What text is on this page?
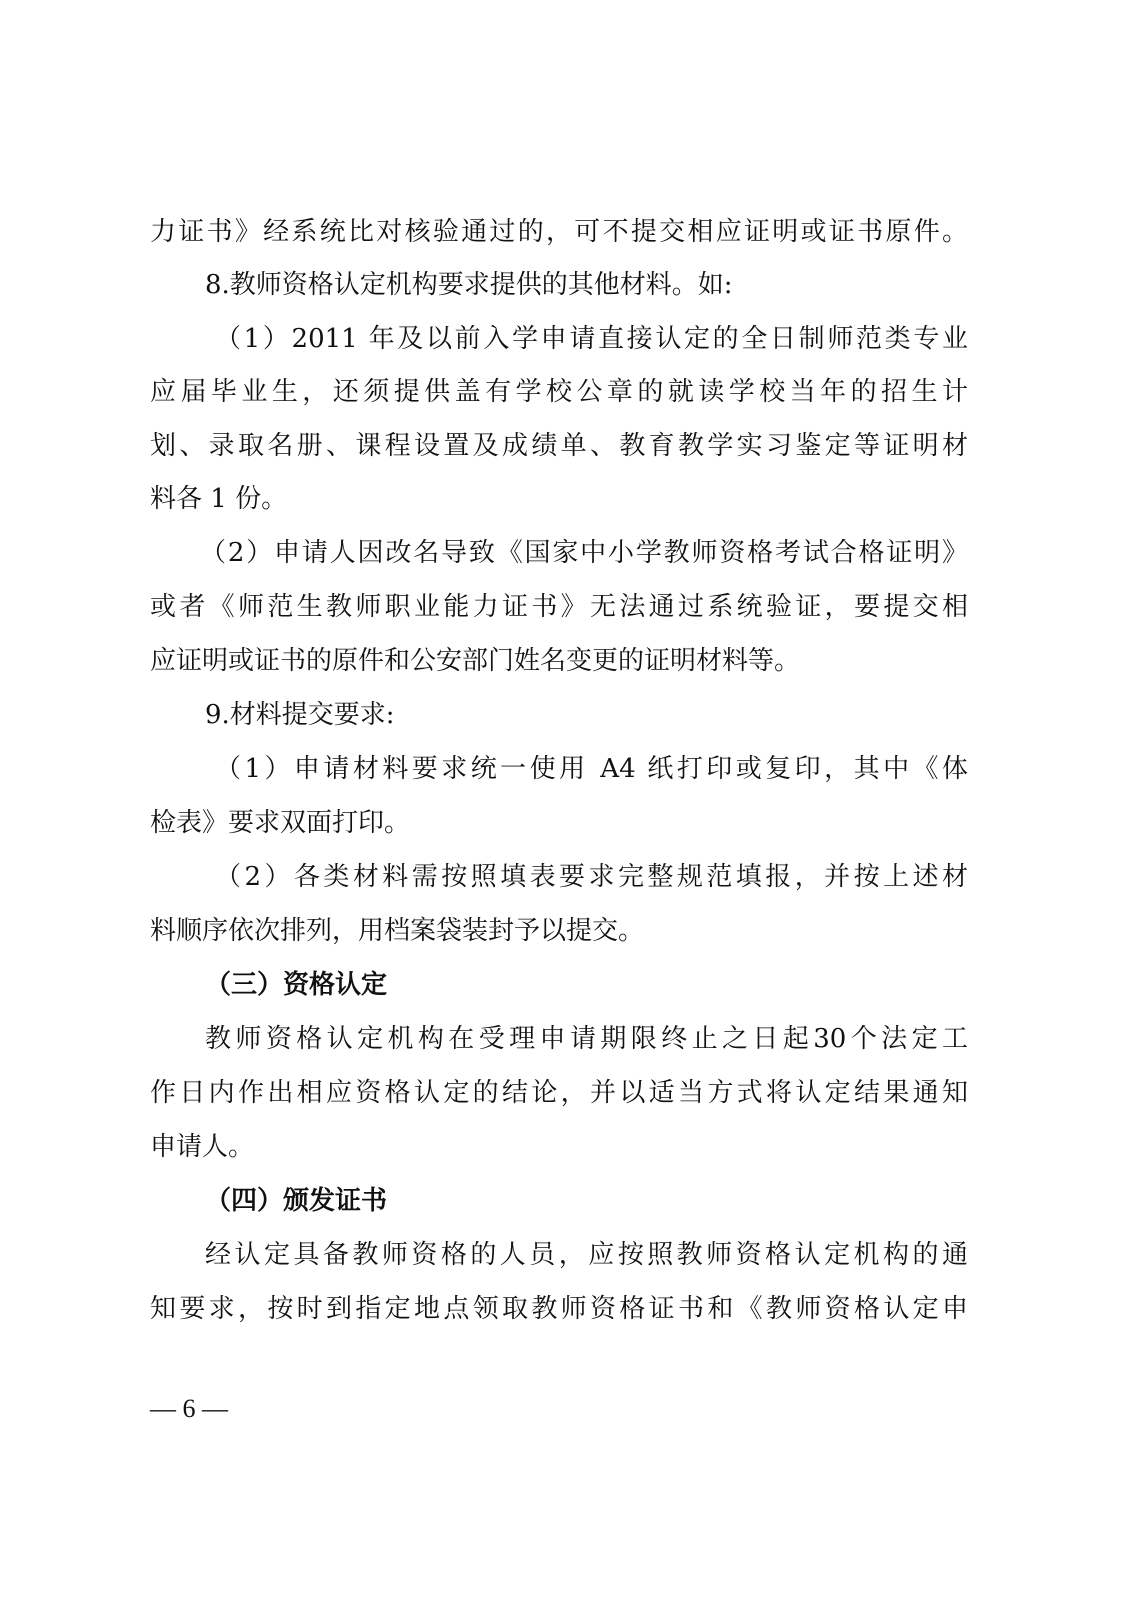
力证书》经系统比对核验通过的，可不提交相应证明或证书原件。
8.教师资格认定机构要求提供的其他材料。如:
（1）2011 年及以前入学申请直接认定的全日制师范类专业
应届毕业生，还须提供盖有学校公章的就读学校当年的招生计
划、录取名册、课程设置及成绩单、教育教学实习鉴定等证明材
料各 1 份。
（2）申请人因改名导致《国家中小学教师资格考试合格证明》
或者《师范生教师职业能力证书》无法通过系统验证，要提交相
应证明或证书的原件和公安部门姓名变更的证明材料等。
9.材料提交要求:
（1）申请材料要求统一使用 A4 纸打印或复印，其中《体
检表》要求双面打印。
（2）各类材料需按照填表要求完整规范填报，并按上述材
料顺序依次排列，用档案袋装封予以提交。
（三）资格认定
教师资格认定机构在受理申请期限终止之日起30个法定工
作日内作出相应资格认定的结论，并以适当方式将认定结果通知
申请人。
（四）颁发证书
经认定具备教师资格的人员，应按照教师资格认定机构的通
知要求，按时到指定地点领取教师资格证书和《教师资格认定申
— 6 —
